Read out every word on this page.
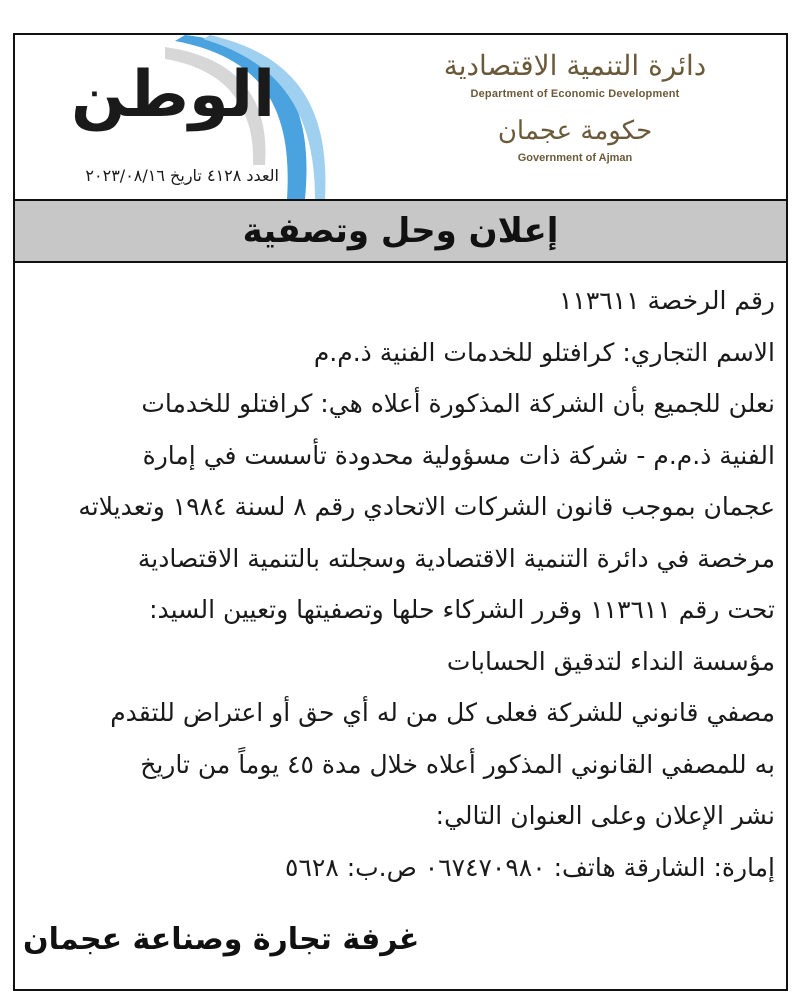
الوطن
العدد ٤١٢٨ تاريخ ٢٠٢٣/٠٨/١٦
دائرة التنمية الاقتصادية
Department of Economic Development
حكومة عجمان
Government of Ajman
إعلان وحل وتصفية
رقم الرخصة ١١٣٦١١
الاسم التجاري: كرافتلو للخدمات الفنية ذ.م.م
نعلن للجميع بأن الشركة المذكورة أعلاه هي: كرافتلو للخدمات
الفنية ذ.م.م - شركة ذات مسؤولية محدودة تأسست في إمارة
عجمان بموجب قانون الشركات الاتحادي رقم ٨ لسنة ١٩٨٤ وتعديلاته
مرخصة في دائرة التنمية الاقتصادية وسجلته بالتنمية الاقتصادية
تحت رقم ١١٣٦١١ وقرر الشركاء حلها وتصفيتها وتعيين السيد:
مؤسسة النداء لتدقيق الحسابات
مصفي قانوني للشركة فعلى كل من له أي حق أو اعتراض للتقدم
به للمصفي القانوني المذكور أعلاه خلال مدة ٤٥ يوماً من تاريخ
نشر الإعلان وعلى العنوان التالي:
إمارة: الشارقة هاتف: ٠٦٧٤٧٠٩٨٠ ص.ب: ٥٦٢٨
غرفة تجارة وصناعة عجمان
